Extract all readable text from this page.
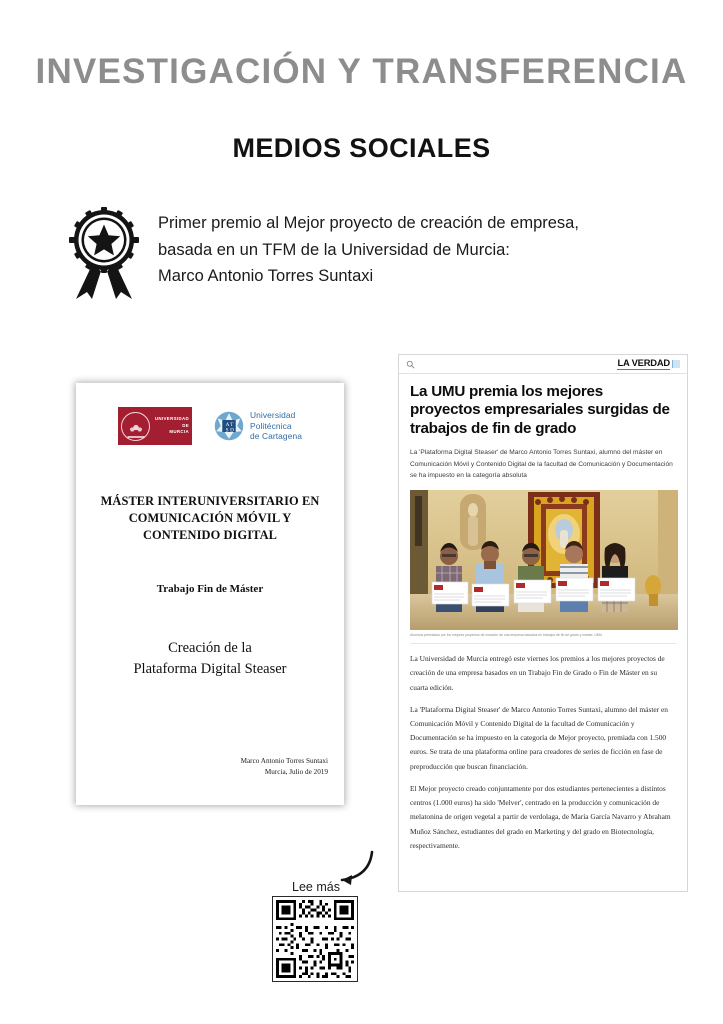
INVESTIGACIÓN Y TRANSFERENCIA
MEDIOS SOCIALES
Primer premio al Mejor proyecto de creación de empresa,
basada en un TFM de la Universidad de Murcia:
Marco Antonio Torres Suntaxi
UNIVERSIDAD DE
MURCIA
A T
S D
Universidad
Politécnica
de Cartagena
MÁSTER INTERUNIVERSITARIO EN
COMUNICACIÓN MÓVIL Y
CONTENIDO DIGITAL
Trabajo Fin de Máster
Creación de la
Plataforma Digital Steaser
Marco Antonio Torres Suntaxi
Murcia, Julio de 2019
LA VERDAD
La UMU premia los mejores proyectos empresariales surgidas de trabajos de fin de grado

La 'Plataforma Digital Steaser' de Marco Antonio Torres Suntaxi, alumno del máster en Comunicación Móvil y Contenido Digital de la facultad de Comunicación y Documentación se ha impuesto en la categoría absoluta

Alumnos premiados por los mejores proyectos de creación de una empresa basados en trabajos de fin de grado y máster. UMU

La Universidad de Murcia entregó este viernes los premios a los mejores proyectos de creación de una empresa basados en un Trabajo Fin de Grado o Fin de Máster en su cuarta edición.

La 'Plataforma Digital Steaser' de Marco Antonio Torres Suntaxi, alumno del máster en Comunicación Móvil y Contenido Digital de la facultad de Comunicación y Documentación se ha impuesto en la categoría de Mejor proyecto, premiada con 1.500 euros. Se trata de una plataforma online para creadores de series de ficción en fase de preproducción que buscan financiación.

El Mejor proyecto creado conjuntamente por dos estudiantes pertenecientes a distintos centros (1.000 euros) ha sido 'Melver', centrado en la producción y comunicación de melatonina de origen vegetal a partir de verdolaga, de María García Navarro y Abraham Muñoz Sánchez, estudiantes del grado en Marketing y del grado en Biotecnología, respectivamente.

Lee más
